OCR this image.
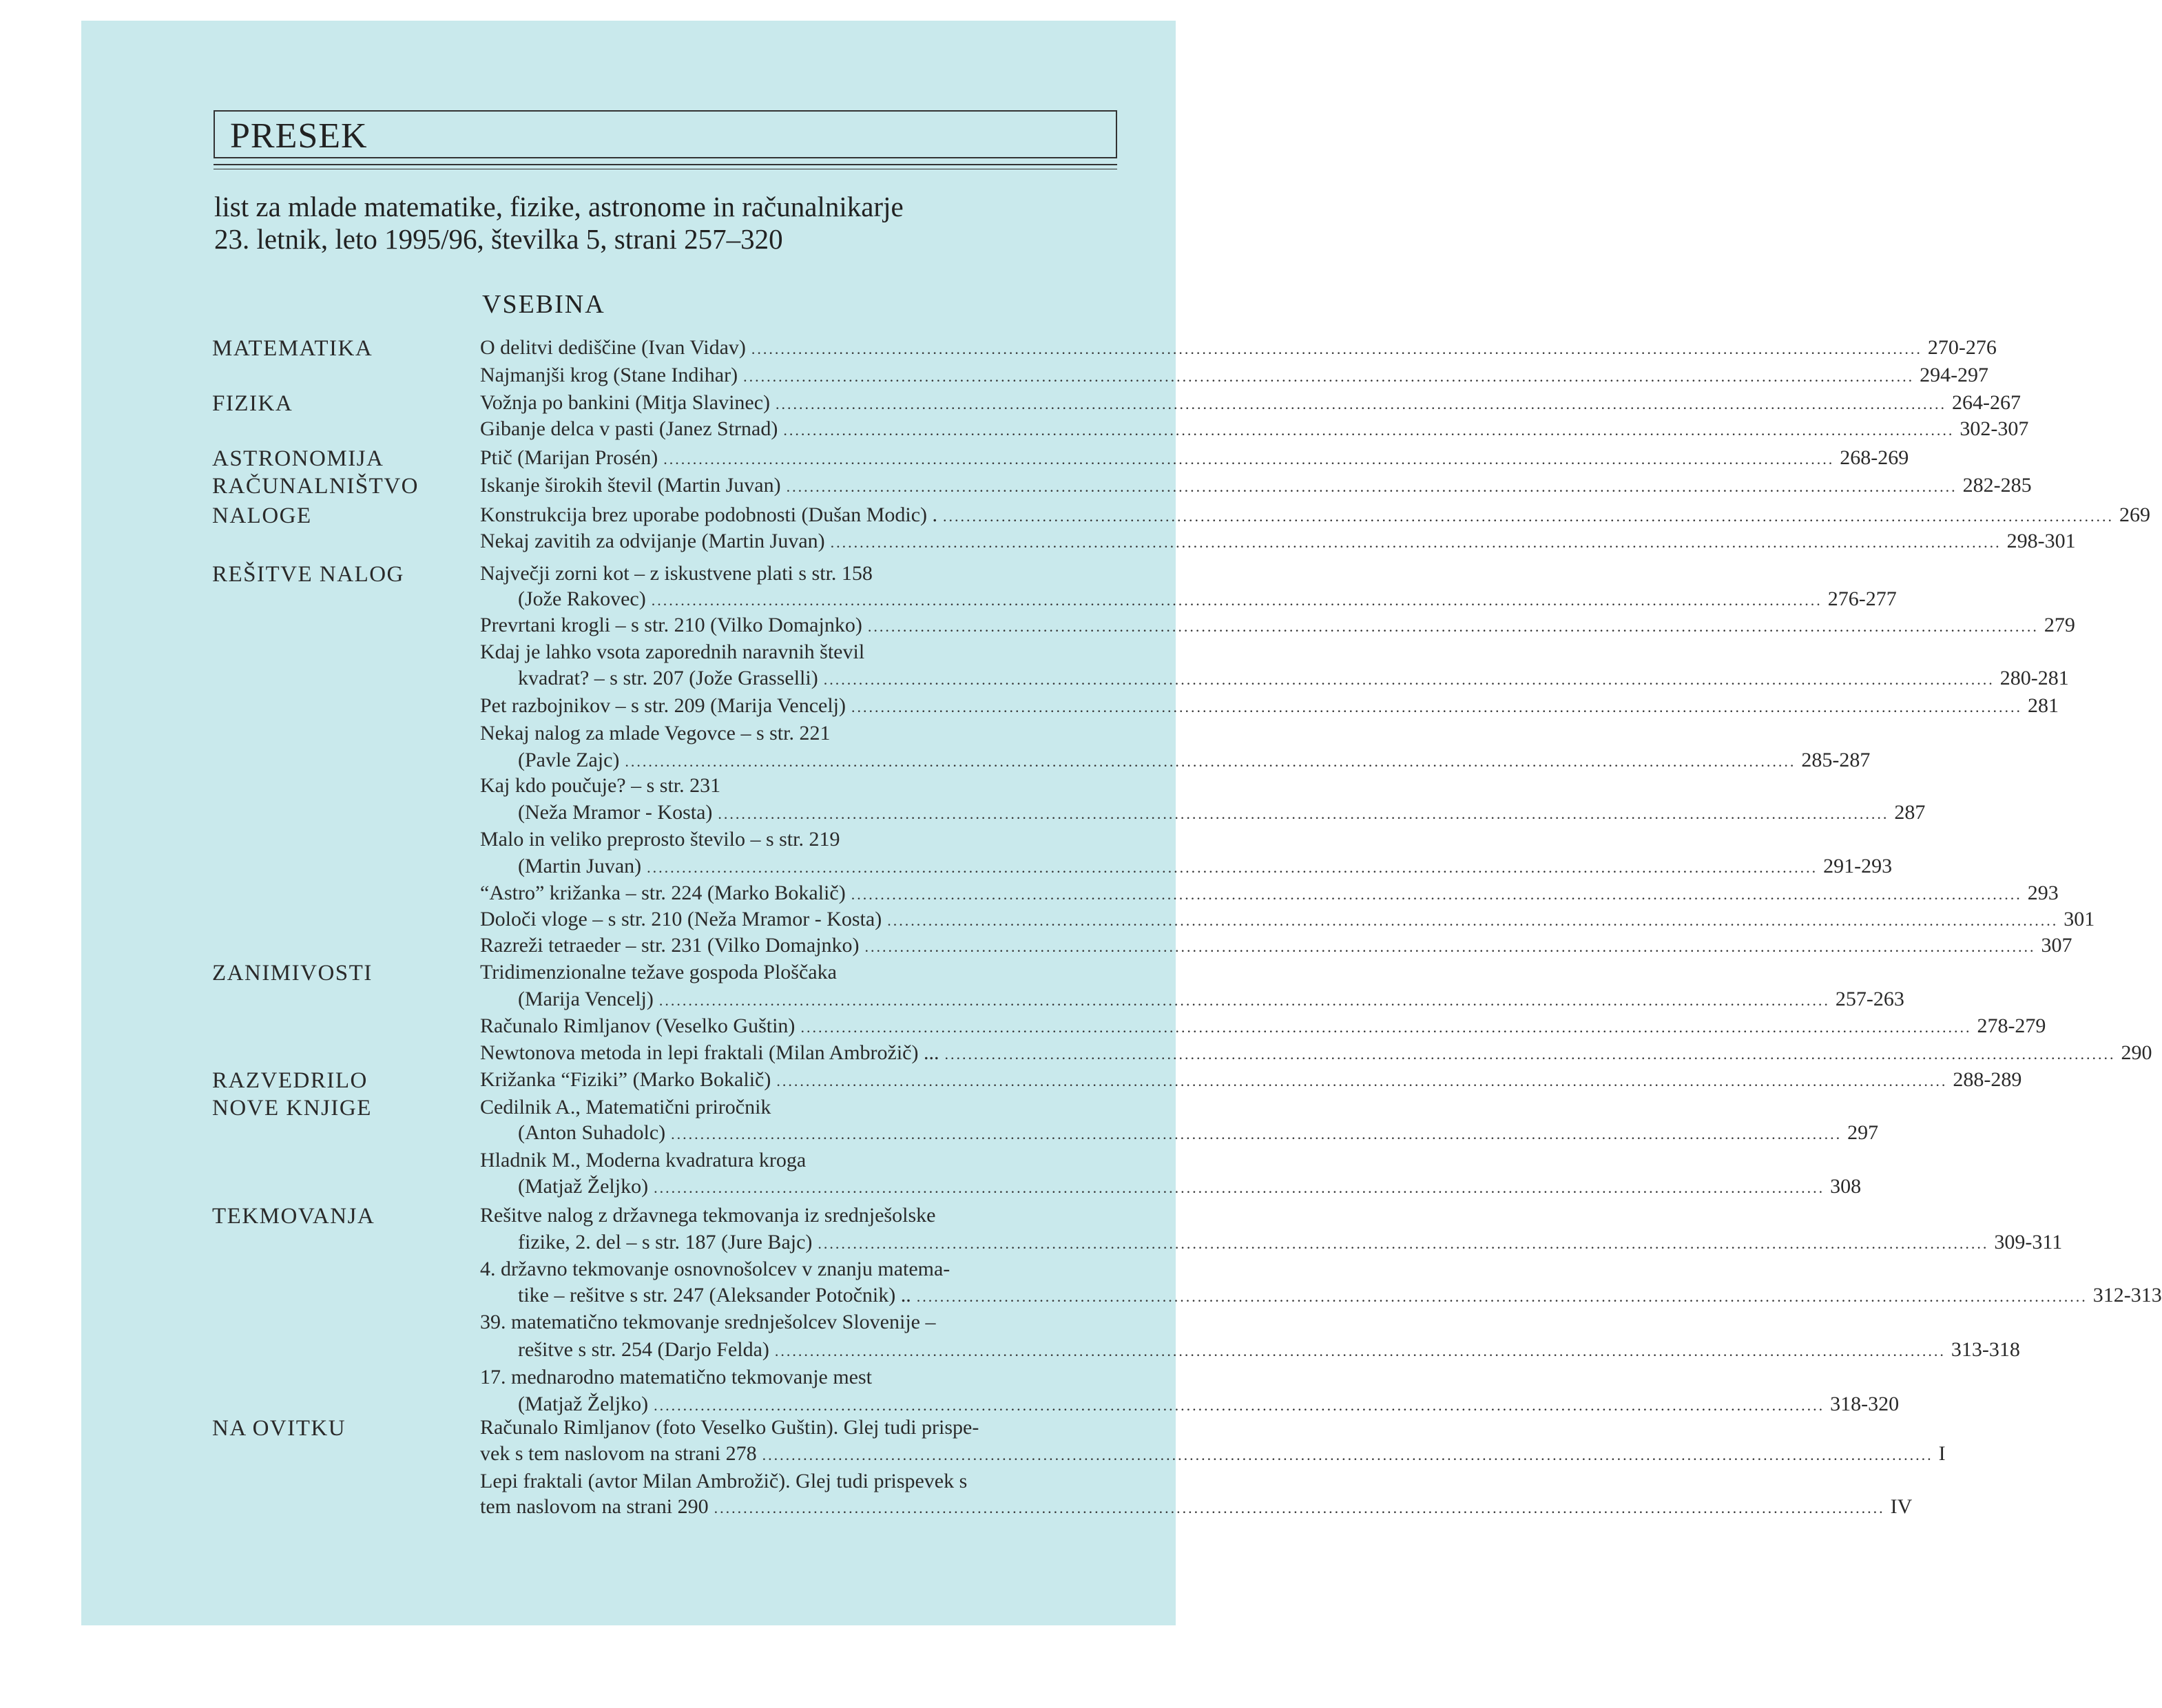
PRESEK
list za mlade matematike, fizike, astronome in računalnikarje
23. letnik, leto 1995/96, številka 5, strani 257–320
VSEBINA
MATEMATIKA
FIZIKA
ASTRONOMIJA
RAČUNALNIŠTVO
NALOGE
REŠITVE NALOG
ZANIMIVOSTI
RAZVEDRILO
NOVE KNJIGE
TEKMOVANJA
NA OVITKU
O delitvi dediščine (Ivan Vidav) ........................................................................................................................................................................................................ 270-276
Najmanjši krog (Stane Indihar) ........................................................................................................................................................................................................ 294-297
Vožnja po bankini (Mitja Slavinec) ........................................................................................................................................................................................................ 264-267
Gibanje delca v pasti (Janez Strnad) ........................................................................................................................................................................................................ 302-307
Ptič (Marijan Prosén) ........................................................................................................................................................................................................ 268-269
Iskanje širokih števil (Martin Juvan) ........................................................................................................................................................................................................ 282-285
Konstrukcija brez uporabe podobnosti (Dušan Modic) . ........................................................................................................................................................................................................ 269
Nekaj zavitih za odvijanje (Martin Juvan) ........................................................................................................................................................................................................ 298-301
Največji zorni kot – z iskustvene plati s str. 158
(Jože Rakovec) ........................................................................................................................................................................................................ 276-277
Prevrtani krogli – s str. 210 (Vilko Domajnko) ........................................................................................................................................................................................................ 279
Kdaj je lahko vsota zaporednih naravnih števil
kvadrat? – s str. 207 (Jože Grasselli) ........................................................................................................................................................................................................ 280-281
Pet razbojnikov – s str. 209 (Marija Vencelj) ........................................................................................................................................................................................................ 281
Nekaj nalog za mlade Vegovce – s str. 221
(Pavle Zajc) ........................................................................................................................................................................................................ 285-287
Kaj kdo poučuje? – s str. 231
(Neža Mramor - Kosta) ........................................................................................................................................................................................................ 287
Malo in veliko preprosto število – s str. 219
(Martin Juvan) ........................................................................................................................................................................................................ 291-293
“Astro” križanka – str. 224 (Marko Bokalič) ........................................................................................................................................................................................................ 293
Določi vloge – s str. 210 (Neža Mramor - Kosta) ........................................................................................................................................................................................................ 301
Razreži tetraeder – str. 231 (Vilko Domajnko) ........................................................................................................................................................................................................ 307
Tridimenzionalne težave gospoda Ploščaka
(Marija Vencelj) ........................................................................................................................................................................................................ 257-263
Računalo Rimljanov (Veselko Guštin) ........................................................................................................................................................................................................ 278-279
Newtonova metoda in lepi fraktali (Milan Ambrožič) ... ........................................................................................................................................................................................................ 290
Križanka “Fiziki” (Marko Bokalič) ........................................................................................................................................................................................................ 288-289
Cedilnik A., Matematični priročnik
(Anton Suhadolc) ........................................................................................................................................................................................................ 297
Hladnik M., Moderna kvadratura kroga
(Matjaž Željko) ........................................................................................................................................................................................................ 308
Rešitve nalog z državnega tekmovanja iz srednješolske
fizike, 2. del – s str. 187 (Jure Bajc) ........................................................................................................................................................................................................ 309-311
4. državno tekmovanje osnovnošolcev v znanju matema-
tike – rešitve s str. 247 (Aleksander Potočnik) .. ........................................................................................................................................................................................................ 312-313
39. matematično tekmovanje srednješolcev Slovenije –
rešitve s str. 254 (Darjo Felda) ........................................................................................................................................................................................................ 313-318
17. mednarodno matematično tekmovanje mest
(Matjaž Željko) ........................................................................................................................................................................................................ 318-320
Računalo Rimljanov (foto Veselko Guštin). Glej tudi prispe-
vek s tem naslovom na strani 278 ........................................................................................................................................................................................................ I
Lepi fraktali (avtor Milan Ambrožič). Glej tudi prispevek s
tem naslovom na strani 290 ........................................................................................................................................................................................................ IV
